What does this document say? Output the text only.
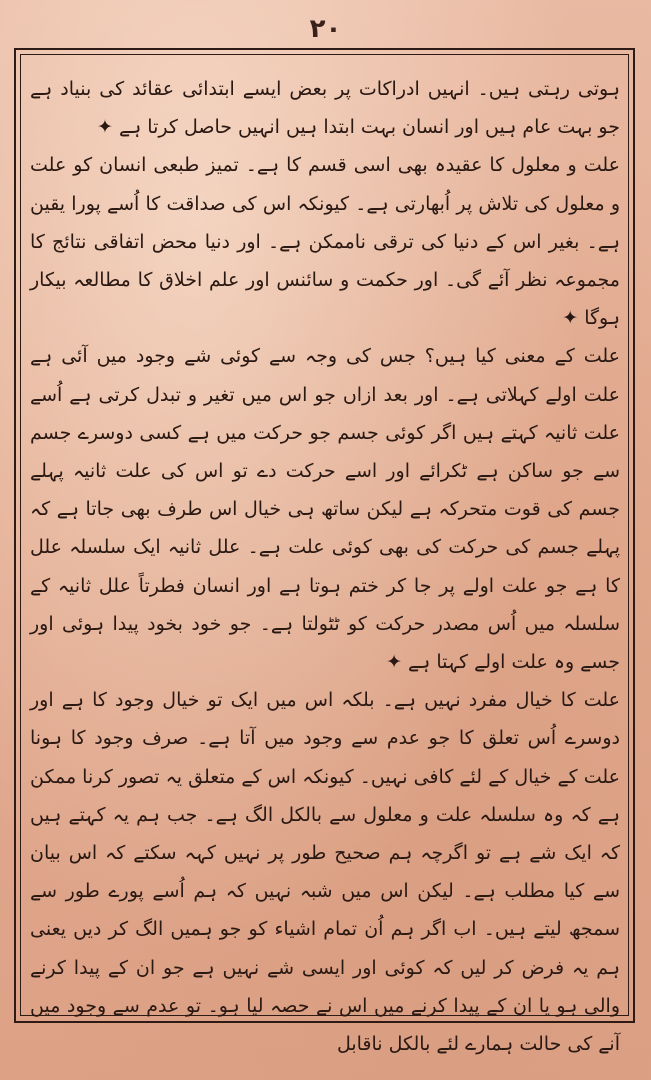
۲۰

ہوتی رہتی ہیں۔ انہیں ادراکات پر بعض ایسے ابتدائی عقائد کی بنیاد ہے جو بہت عام ہیں اور انسان بہت ابتدا ہیں انہیں حاصل کرتا ہے ✦

علت و معلول کا عقیدہ بھی اسی قسم کا ہے۔ تمیز طبعی انسان کو علت و معلول کی تلاش پر اُبھارتی ہے۔ کیونکہ اس کی صداقت کا اُسے پورا یقین ہے۔ بغیر اس کے دنیا کی ترقی ناممکن ہے۔ اور دنیا محض اتفاقی نتائج کا مجموعہ نظر آئے گی۔ اور حکمت و سائنس اور علم اخلاق کا مطالعہ بیکار ہوگا ✦

علت کے معنی کیا ہیں؟ جس کی وجہ سے کوئی شے وجود میں آئی ہے علت اولے کہلاتی ہے۔ اور بعد ازاں جو اس میں تغیر و تبدل کرتی ہے اُسے علت ثانیہ کہتے ہیں اگر کوئی جسم جو حرکت میں ہے کسی دوسرے جسم سے جو ساکن ہے ٹکرائے اور اسے حرکت دے تو اس کی علت ثانیہ پہلے جسم کی قوت متحرکہ ہے لیکن ساتھ ہی خیال اس طرف بھی جاتا ہے کہ پہلے جسم کی حرکت کی بھی کوئی علت ہے۔ علل ثانیہ ایک سلسلہ علل کا ہے جو علت اولے پر جا کر ختم ہوتا ہے اور انسان فطرتاً علل ثانیہ کے سلسلہ میں اُس مصدر حرکت کو ٹٹولتا ہے۔ جو خود بخود پیدا ہوئی اور جسے وہ علت اولے کہتا ہے ✦

علت کا خیال مفرد نہیں ہے۔ بلکہ اس میں ایک تو خیال وجود کا ہے اور دوسرے اُس تعلق کا جو عدم سے وجود میں آتا ہے۔ صرف وجود کا ہونا علت کے خیال کے لئے کافی نہیں۔ کیونکہ اس کے متعلق یہ تصور کرنا ممکن ہے کہ وہ سلسلہ علت و معلول سے بالکل الگ ہے۔ جب ہم یہ کہتے ہیں کہ ایک شے ہے تو اگرچہ ہم صحیح طور پر نہیں کہہ سکتے کہ اس بیان سے کیا مطلب ہے۔ لیکن اس میں شبہ نہیں کہ ہم اُسے پورے طور سے سمجھ لیتے ہیں۔ اب اگر ہم اُن تمام اشیاء کو جو ہمیں الگ کر دیں یعنی ہم یہ فرض کر لیں کہ کوئی اور ایسی شے نہیں ہے جو ان کے پیدا کرنے والی ہو یا ان کے پیدا کرنے میں اس نے حصہ لیا ہو۔ تو عدم سے وجود میں آنے کی حالت ہمارے لئے بالکل ناقابل
